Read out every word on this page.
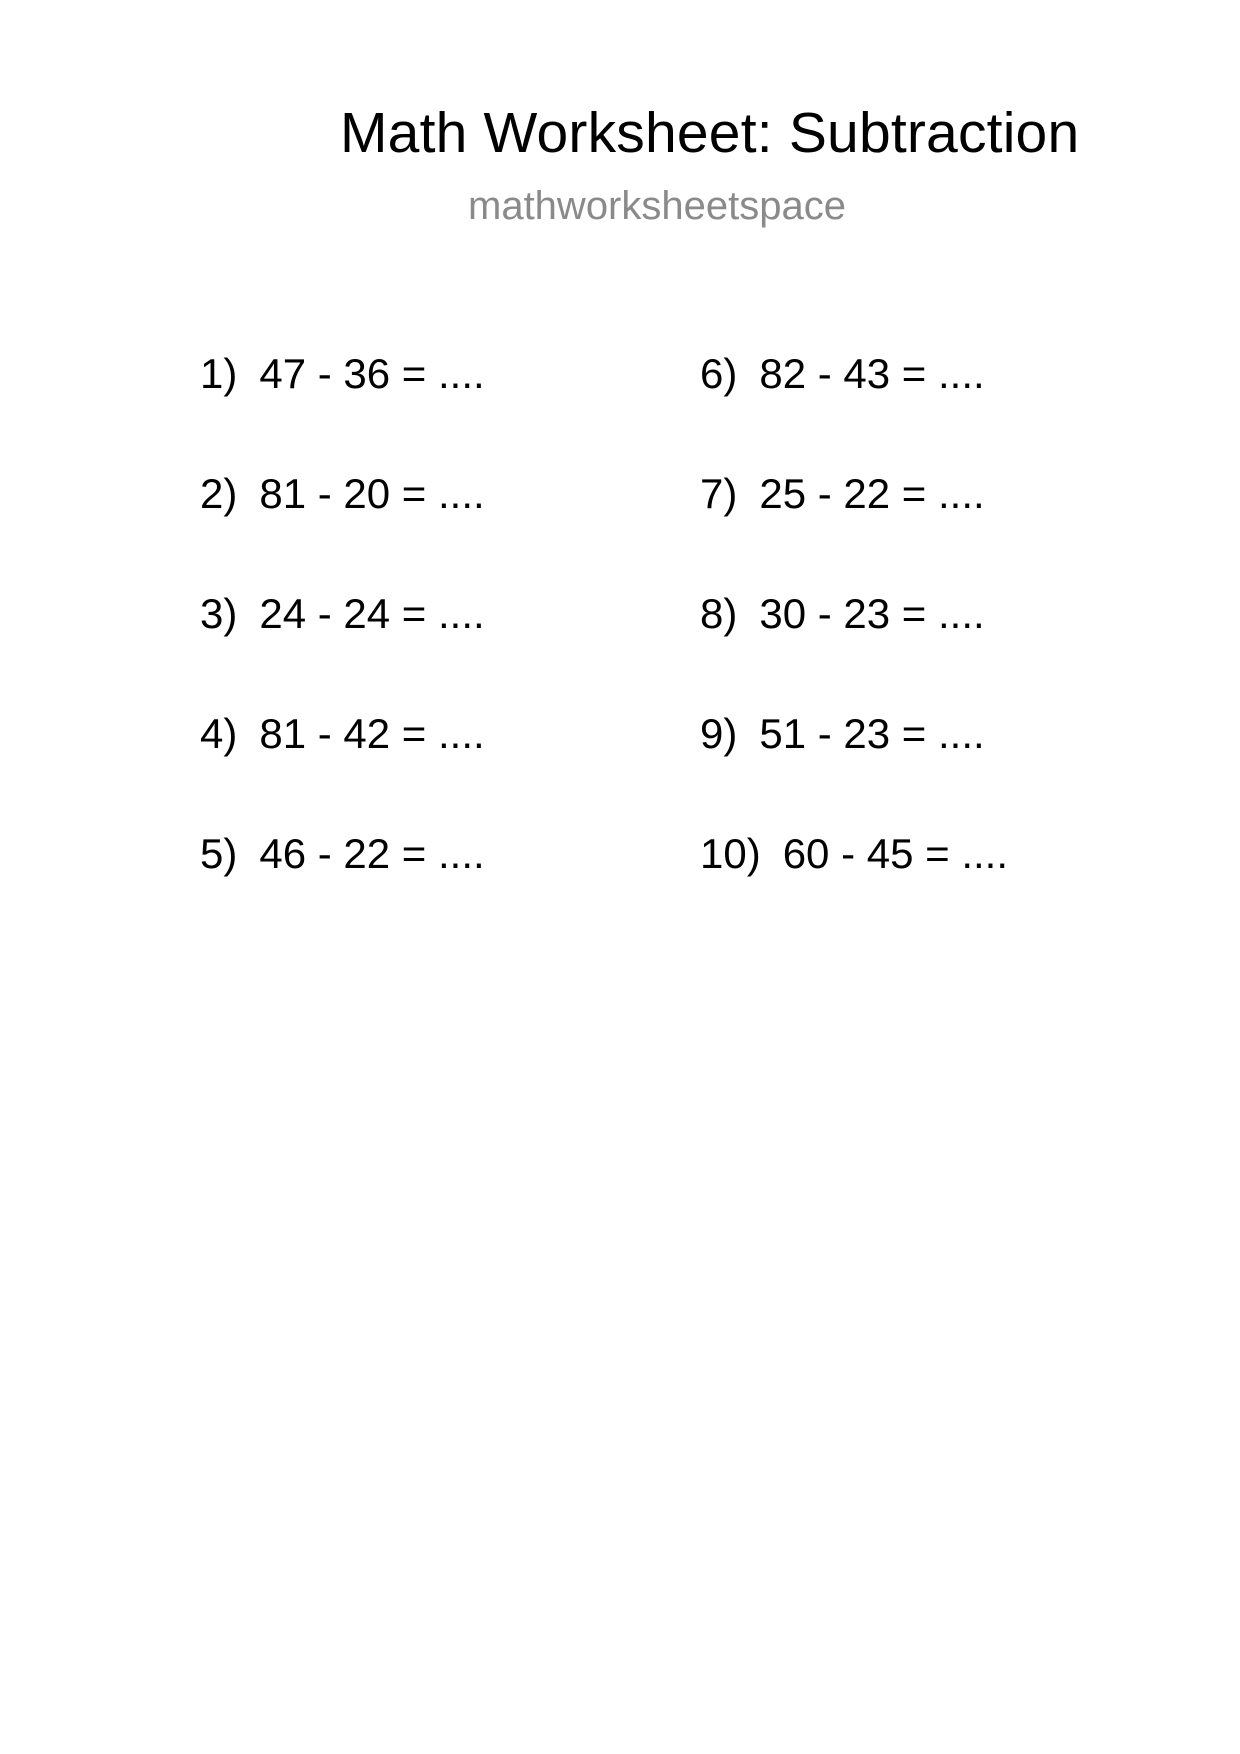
Math Worksheet: Subtraction
mathworksheetspace
1) 47 - 36 = ....
2) 81 - 20 = ....
3) 24 - 24 = ....
4) 81 - 42 = ....
5) 46 - 22 = ....
6) 82 - 43 = ....
7) 25 - 22 = ....
8) 30 - 23 = ....
9) 51 - 23 = ....
10) 60 - 45 = ....
